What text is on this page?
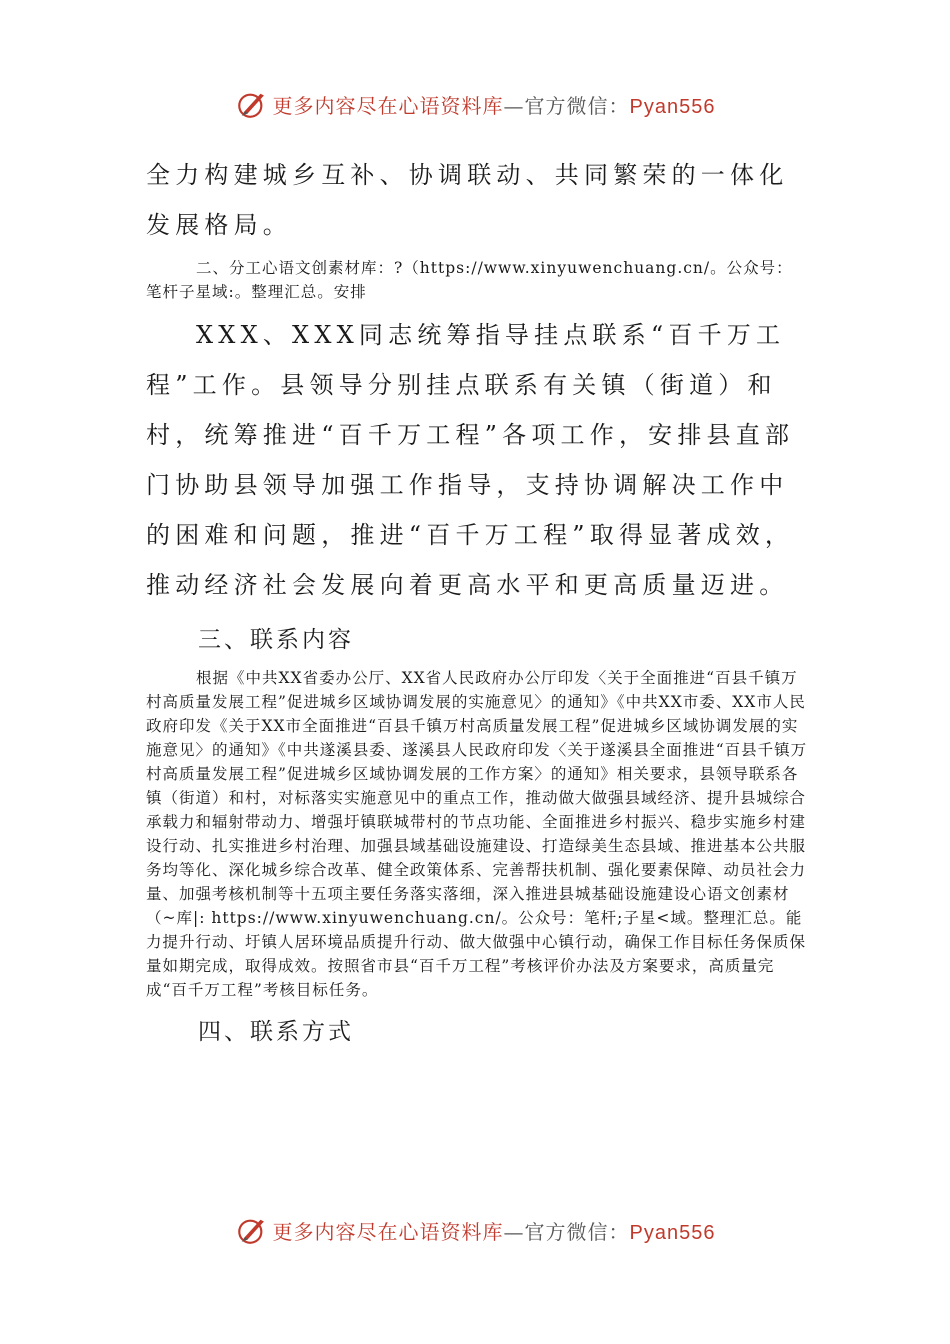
更多内容尽在心语资料库—官方微信：Pyan556

全力构建城乡互补、协调联动、共同繁荣的一体化发展格局。

二、分工心语文创素材库：?（https://www.xinyuwenchuang.cn/。公众号：笔杆子星域:。整理汇总。安排

XXX、XXX同志统筹指导挂点联系“百千万工程”工作。县领导分别挂点联系有关镇（街道）和村，统筹推进“百千万工程”各项工作，安排县直部门协助县领导加强工作指导，支持协调解决工作中的困难和问题，推进“百千万工程”取得显著成效，推动经济社会发展向着更高水平和更高质量迈进。

三、联系内容

根据《中共XX省委办公厅、XX省人民政府办公厅印发〈关于全面推进“百县千镇万村高质量发展工程”促进城乡区域协调发展的实施意见〉的通知》《中共XX市委、XX市人民政府印发《关于XX市全面推进“百县千镇万村高质量发展工程”促进城乡区域协调发展的实施意见〉的通知》《中共遂溪县委、遂溪县人民政府印发〈关于遂溪县全面推进“百县千镇万村高质量发展工程”促进城乡区域协调发展的工作方案〉的通知》相关要求，县领导联系各镇（街道）和村，对标落实实施意见中的重点工作，推动做大做强县域经济、提升县城综合承载力和辐射带动力、增强圩镇联城带村的节点功能、全面推进乡村振兴、稳步实施乡村建设行动、扎实推进乡村治理、加强县域基础设施建设、打造绿美生态县域、推进基本公共服务均等化、深化城乡综合改革、健全政策体系、完善帮扶机制、强化要素保障、动员社会力量、加强考核机制等十五项主要任务落实落细，深入推进县城基础设施建设心语文创素材（~库|: https://www.xinyuwenchuang.cn/。公众号：笔杆;子星<域。整理汇总。能力提升行动、圩镇人居环境品质提升行动、做大做强中心镇行动，确保工作目标任务保质保量如期完成，取得成效。按照省市县“百千万工程”考核评价办法及方案要求，高质量完成“百千万工程”考核目标任务。

四、联系方式

更多内容尽在心语资料库—官方微信：Pyan556
